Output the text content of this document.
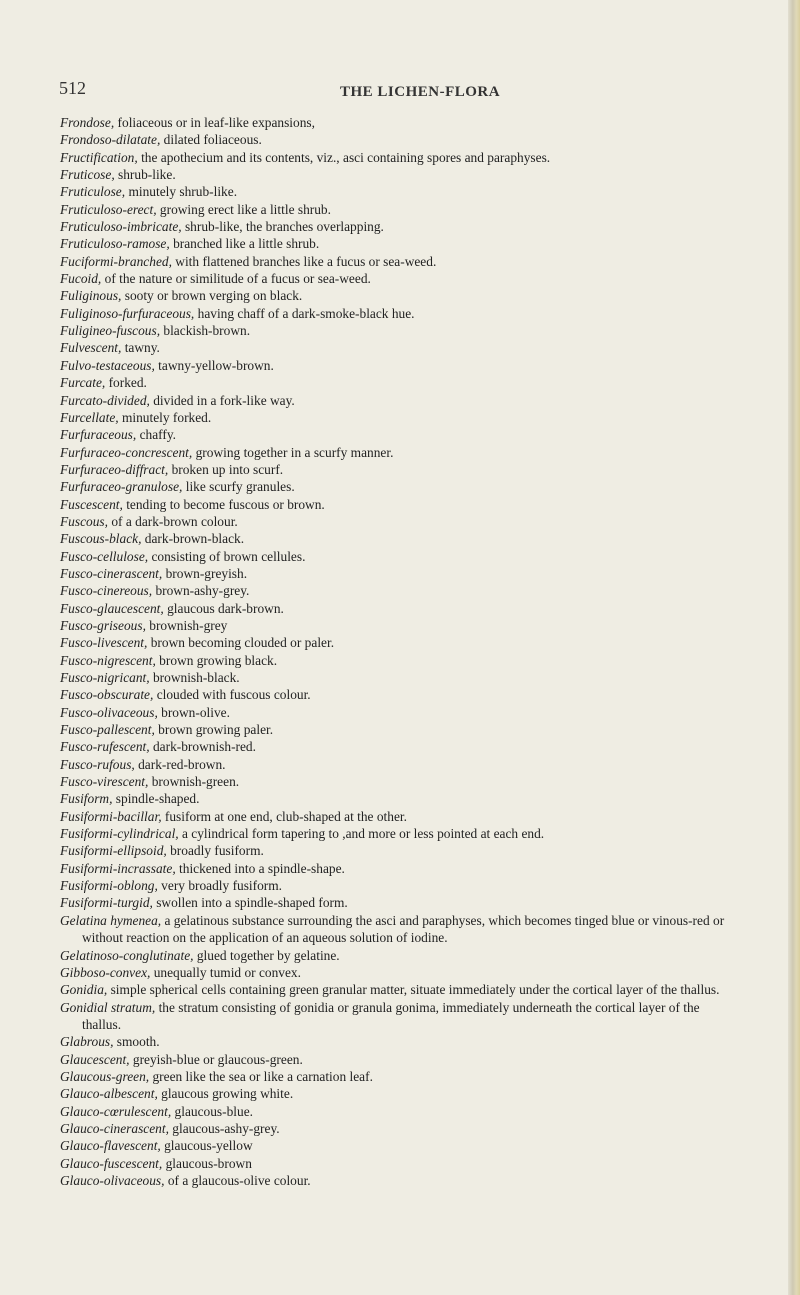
512	THE LICHEN-FLORA

Frondose, foliaceous or in leaf-like expansions,

Frondoso-dilatate, dilated foliaceous.

Fructification, the apothecium and its contents, viz., asci containing spores and paraphyses.

Fruticose, shrub-like.

Fruticulose, minutely shrub-like.

Fruticuloso-erect, growing erect like a little shrub.

Fruticuloso-imbricate, shrub-like, the branches overlapping.

Fruticuloso-ramose, branched like a little shrub.

Fuciformi-branched, with flattened branches like a fucus or sea-weed.

Fucoid, of the nature or similitude of a fucus or sea-weed.

Fuliginous, sooty or brown verging on black.

Fuliginoso-furfuraceous, having chaff of a dark-smoke-black hue.

Fuligineo-fuscous, blackish-brown.

Fulvescent, tawny.

Fulvo-testaceous, tawny-yellow-brown.

Furcate, forked.

Furcato-divided, divided in a fork-like way.

Furcellate, minutely forked.

Furfuraceous, chaffy.

Furfuraceo-concrescent, growing together in a scurfy manner.

Furfuraceo-diffract, broken up into scurf.

Furfuraceo-granulose, like scurfy granules.

Fuscescent, tending to become fuscous or brown.

Fuscous, of a dark-brown colour.

Fuscous-black, dark-brown-black.

Fusco-cellulose, consisting of brown cellules.

Fusco-cinerascent, brown-greyish.

Fusco-cinereous, brown-ashy-grey.

Fusco-glaucescent, glaucous dark-brown.

Fusco-griseous, brownish-grey

Fusco-livescent, brown becoming clouded or paler.

Fusco-nigrescent, brown growing black.

Fusco-nigricant, brownish-black.

Fusco-obscurate, clouded with fuscous colour.

Fusco-olivaceous, brown-olive.

Fusco-pallescent, brown growing paler.

Fusco-rufescent, dark-brownish-red.

Fusco-rufous, dark-red-brown.

Fusco-virescent, brownish-green.

Fusiform, spindle-shaped.

Fusiformi-bacillar, fusiform at one end, club-shaped at the other.

Fusiformi-cylindrical, a cylindrical form tapering to ,and more or less pointed at each end.

Fusiformi-ellipsoid, broadly fusiform.

Fusiformi-incrassate, thickened into a spindle-shape.

Fusiformi-oblong, very broadly fusiform.

Fusiformi-turgid, swollen into a spindle-shaped form.

Gelatina hymenea, a gelatinous substance surrounding the asci and paraphyses, which becomes tinged blue or vinous-red or without reaction on the application of an aqueous solution of iodine.

Gelatinoso-conglutinate, glued together by gelatine.

Gibboso-convex, unequally tumid or convex.

Gonidia, simple spherical cells containing green granular matter, situate immediately under the cortical layer of the thallus.

Gonidial stratum, the stratum consisting of gonidia or granula gonima, immediately underneath the cortical layer of the thallus.

Glabrous, smooth.

Glaucescent, greyish-blue or glaucous-green.

Glaucous-green, green like the sea or like a carnation leaf.

Glauco-albescent, glaucous growing white.

Glauco-cœrulescent, glaucous-blue.

Glauco-cinerascent, glaucous-ashy-grey.

Glauco-flavescent, glaucous-yellow

Glauco-fuscescent, glaucous-brown

Glauco-olivaceous, of a glaucous-olive colour.
